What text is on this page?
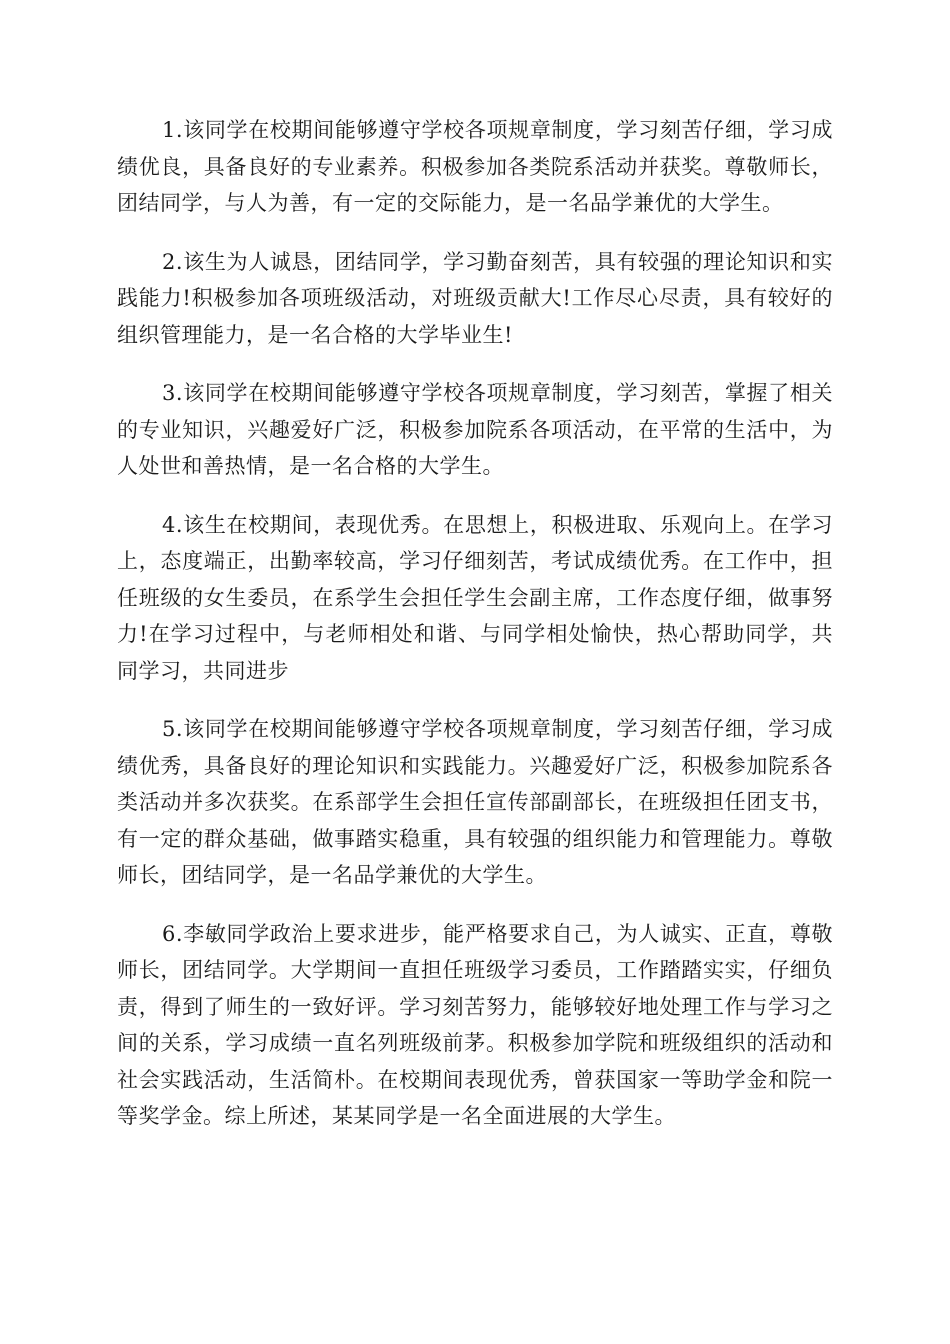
1.该同学在校期间能够遵守学校各项规章制度，学习刻苦仔细，学习成绩优良，具备良好的专业素养。积极参加各类院系活动并获奖。尊敬师长，团结同学，与人为善，有一定的交际能力，是一名品学兼优的大学生。

2.该生为人诚恳，团结同学，学习勤奋刻苦，具有较强的理论知识和实践能力!积极参加各项班级活动，对班级贡献大!工作尽心尽责，具有较好的组织管理能力，是一名合格的大学毕业生!

3.该同学在校期间能够遵守学校各项规章制度，学习刻苦，掌握了相关的专业知识，兴趣爱好广泛，积极参加院系各项活动，在平常的生活中，为人处世和善热情，是一名合格的大学生。

4.该生在校期间，表现优秀。在思想上，积极进取、乐观向上。在学习上，态度端正，出勤率较高，学习仔细刻苦，考试成绩优秀。在工作中，担任班级的女生委员，在系学生会担任学生会副主席，工作态度仔细，做事努力!在学习过程中，与老师相处和谐、与同学相处愉快，热心帮助同学，共同学习，共同进步

5.该同学在校期间能够遵守学校各项规章制度，学习刻苦仔细，学习成绩优秀，具备良好的理论知识和实践能力。兴趣爱好广泛，积极参加院系各类活动并多次获奖。在系部学生会担任宣传部副部长，在班级担任团支书，有一定的群众基础，做事踏实稳重，具有较强的组织能力和管理能力。尊敬师长，团结同学，是一名品学兼优的大学生。

6.李敏同学政治上要求进步，能严格要求自己，为人诚实、正直，尊敬师长，团结同学。大学期间一直担任班级学习委员，工作踏踏实实，仔细负责，得到了师生的一致好评。学习刻苦努力，能够较好地处理工作与学习之间的关系，学习成绩一直名列班级前茅。积极参加学院和班级组织的活动和社会实践活动，生活简朴。在校期间表现优秀，曾获国家一等助学金和院一等奖学金。综上所述，某某同学是一名全面进展的大学生。
